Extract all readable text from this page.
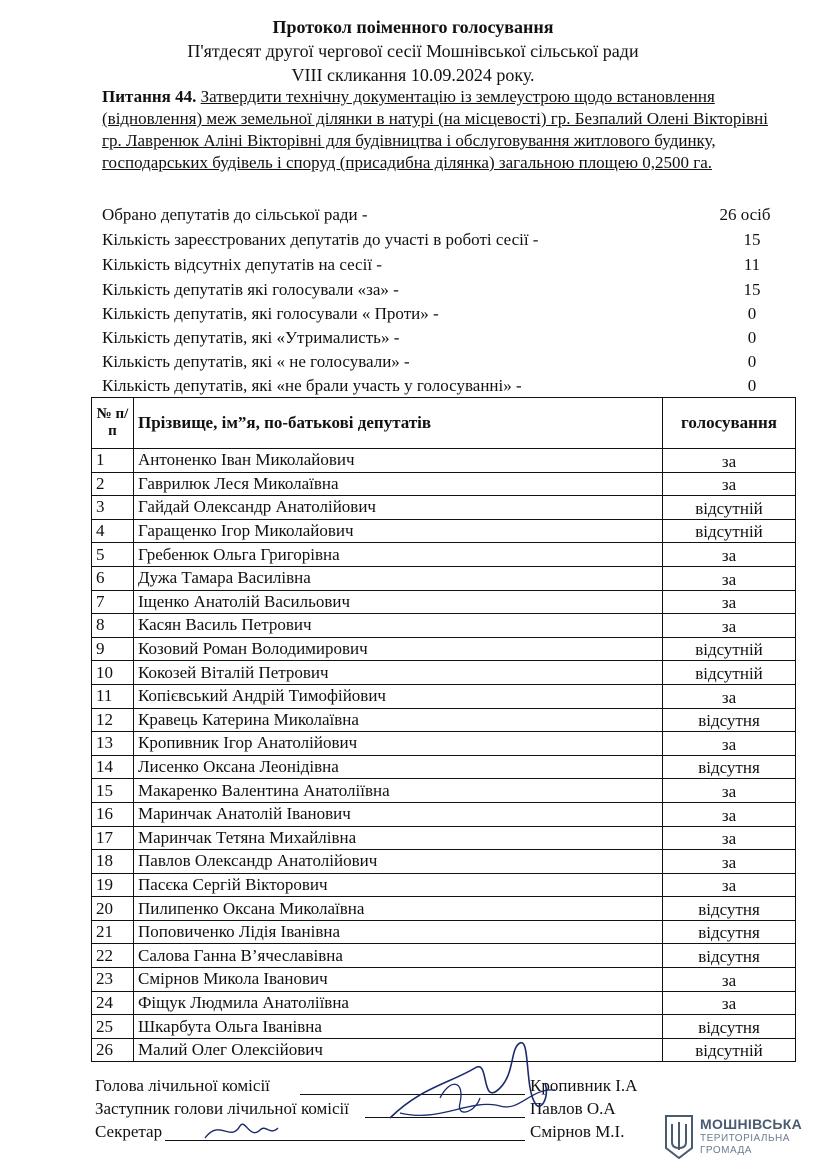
Протокол поіменного голосування
П'ятдесят другої чергової сесії Мошнівської сільської ради
VIII скликання 10.09.2024 року.
Питання 44. Затвердити технічну документацію із землеустрою щодо встановлення (відновлення) меж земельної ділянки в натурі (на місцевості) гр. Безпалий Олені Вікторівні гр. Лавренюк Аліні Вікторівні для будівництва і обслуговування житлового будинку, господарських будівель і споруд (присадибна ділянка) загальною площею 0,2500 га.
Обрано депутатів до сільської ради -	26 осіб
Кількість зареєстрованих депутатів до участі в роботі сесії -	15
Кількість відсутніх депутатів на сесії -	11
Кількість депутатів які голосували «за» -	15
Кількість депутатів, які голосували « Проти» -	0
Кількість депутатів, які «Утрималисть» -	0
Кількість депутатів, які « не голосували» -	0
Кількість депутатів, які «не брали участь у голосуванні» -	0
№ п/п	Прізвище, ім”я, по-батькові депутатів	голосування
1	Антоненко Іван Миколайович	за
2	Гаврилюк Леся Миколаївна	за
3	Гайдай Олександр Анатолійович	відсутній
4	Гаращенко Ігор Миколайович	відсутній
5	Гребенюк Ольга Григорівна	за
6	Дужа Тамара Василівна	за
7	Іщенко Анатолій Васильович	за
8	Касян Василь Петрович	за
9	Козовий Роман Володимирович	відсутній
10	Кокозей Віталій Петрович	відсутній
11	Копієвський Андрій Тимофійович	за
12	Кравець Катерина Миколаївна	відсутня
13	Кропивник Ігор Анатолійович	за
14	Лисенко Оксана Леонідівна	відсутня
15	Макаренко Валентина Анатоліївна	за
16	Маринчак Анатолій Іванович	за
17	Маринчак Тетяна Михайлівна	за
18	Павлов Олександр Анатолійович	за
19	Пасєка Сергій Вікторович	за
20	Пилипенко Оксана Миколаївна	відсутня
21	Поповиченко Лідія Іванівна	відсутня
22	Салова Ганна В’ячеславівна	відсутня
23	Смірнов Микола Іванович	за
24	Фіщук Людмила Анатоліївна	за
25	Шкарбута Ольга Іванівна	відсутня
26	Малий Олег Олексійович	відсутній
Голова лічильної комісії	Кропивник І.А
Заступник голови лічильної комісії	Павлов О.А
Секретар	Смірнов М.І.	МОШНІВСЬКА
ТЕРИТОРІАЛЬНА
ГРОМАДА
